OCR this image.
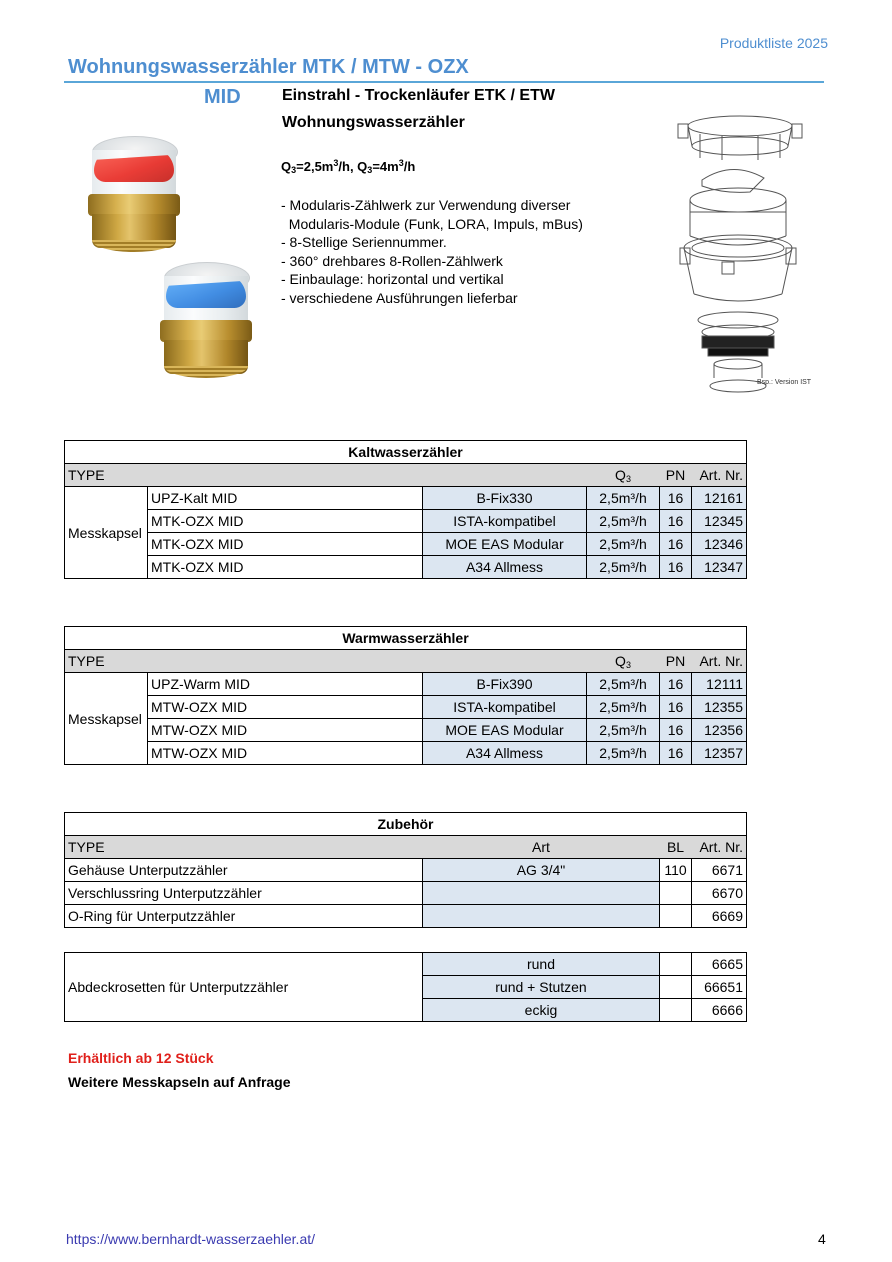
Produktliste 2025
Wohnungswasserzähler MTK / MTW - OZX
MID	Einstrahl - Trockenläufer ETK / ETW
Wohnungswasserzähler
$Q_3=2,5m^3/h$, $Q_3=4m^3/h$
- Modularis-Zählwerk zur Verwendung diverser
Modularis-Module (Funk, LORA, Impuls, mBus)
- 8-Stellige Seriennummer.
- 360° drehbares 8-Rollen-Zählwerk
- Einbaulage: horizontal und vertikal
- verschiedene Ausführungen lieferbar
Bsp.: Version IST
Kaltwasserzähler					
TYPE			$Q_3$	PN	Art. Nr.
Messkapsel	UPZ-Kalt MID	B-Fix330	2,5m³/h	16	12161
	MTK-OZX MID	ISTA-kompatibel	2,5m³/h	16	12345
	MTK-OZX MID	MOE EAS Modular	2,5m³/h	16	12346
	MTK-OZX MID	A34 Allmess	2,5m³/h	16	12347
Warmwasserzähler					
TYPE			$Q_3$	PN	Art. Nr.
Messkapsel	UPZ-Warm MID	B-Fix390	2,5m³/h	16	12111
	MTW-OZX MID	ISTA-kompatibel	2,5m³/h	16	12355
	MTW-OZX MID	MOE EAS Modular	2,5m³/h	16	12356
	MTW-OZX MID	A34 Allmess	2,5m³/h	16	12357
Zubehör			
TYPE	Art	BL	Art. Nr.
Gehäuse Unterputzzähler	AG 3/4"	110	6671
Verschlussring Unterputzzähler			6670
O-Ring für Unterputzzähler			6669
Abdeckrosetten für Unterputzzähler	rund		6665
	rund + Stutzen		66651
	eckig		6666
Erhältlich ab 12 Stück
Weitere Messkapseln auf Anfrage
https://www.bernhardt-wasserzaehler.at/	4
